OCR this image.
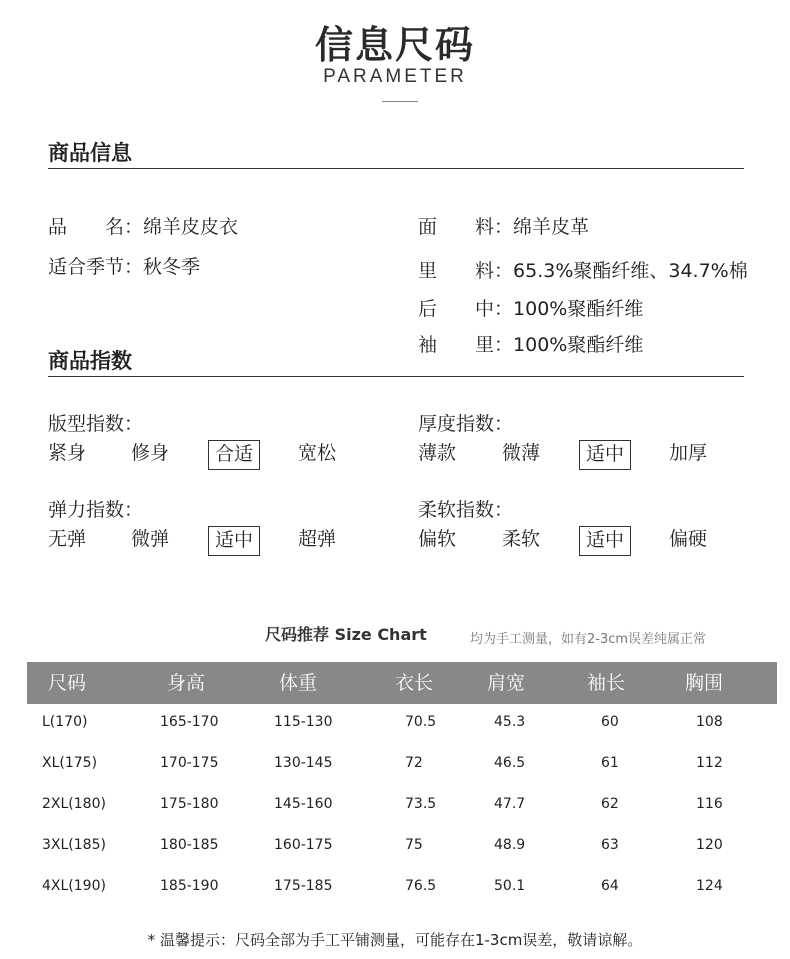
信息尺码
PARAMETER
商品信息
品　　名：绵羊皮皮衣
适合季节：秋冬季
面　　料：绵羊皮革
里　　料：65.3%聚酯纤维、34.7%棉
后　　中：100%聚酯纤维
袖　　里：100%聚酯纤维
商品指数
版型指数：
紧身 修身	合适	宽松
厚度指数：
薄款 微薄	适中	加厚
弹力指数：
无弹 微弹	适中	超弹
柔软指数：
偏软 柔软	适中	偏硬
尺码推荐 Size Chart	均为手工测量，如有2-3cm误差纯属正常
尺码	身高	体重	衣长	肩宽	袖长	胸围
L(170)	165-170	115-130	70.5	45.3	60	108
XL(175)	170-175	130-145	72	46.5	61	112
2XL(180)	175-180	145-160	73.5	47.7	62	116
3XL(185)	180-185	160-175	75	48.9	63	120
4XL(190)	185-190	175-185	76.5	50.1	64	124
* 温馨提示：尺码全部为手工平铺测量，可能存在1-3cm误差，敬请谅解。
